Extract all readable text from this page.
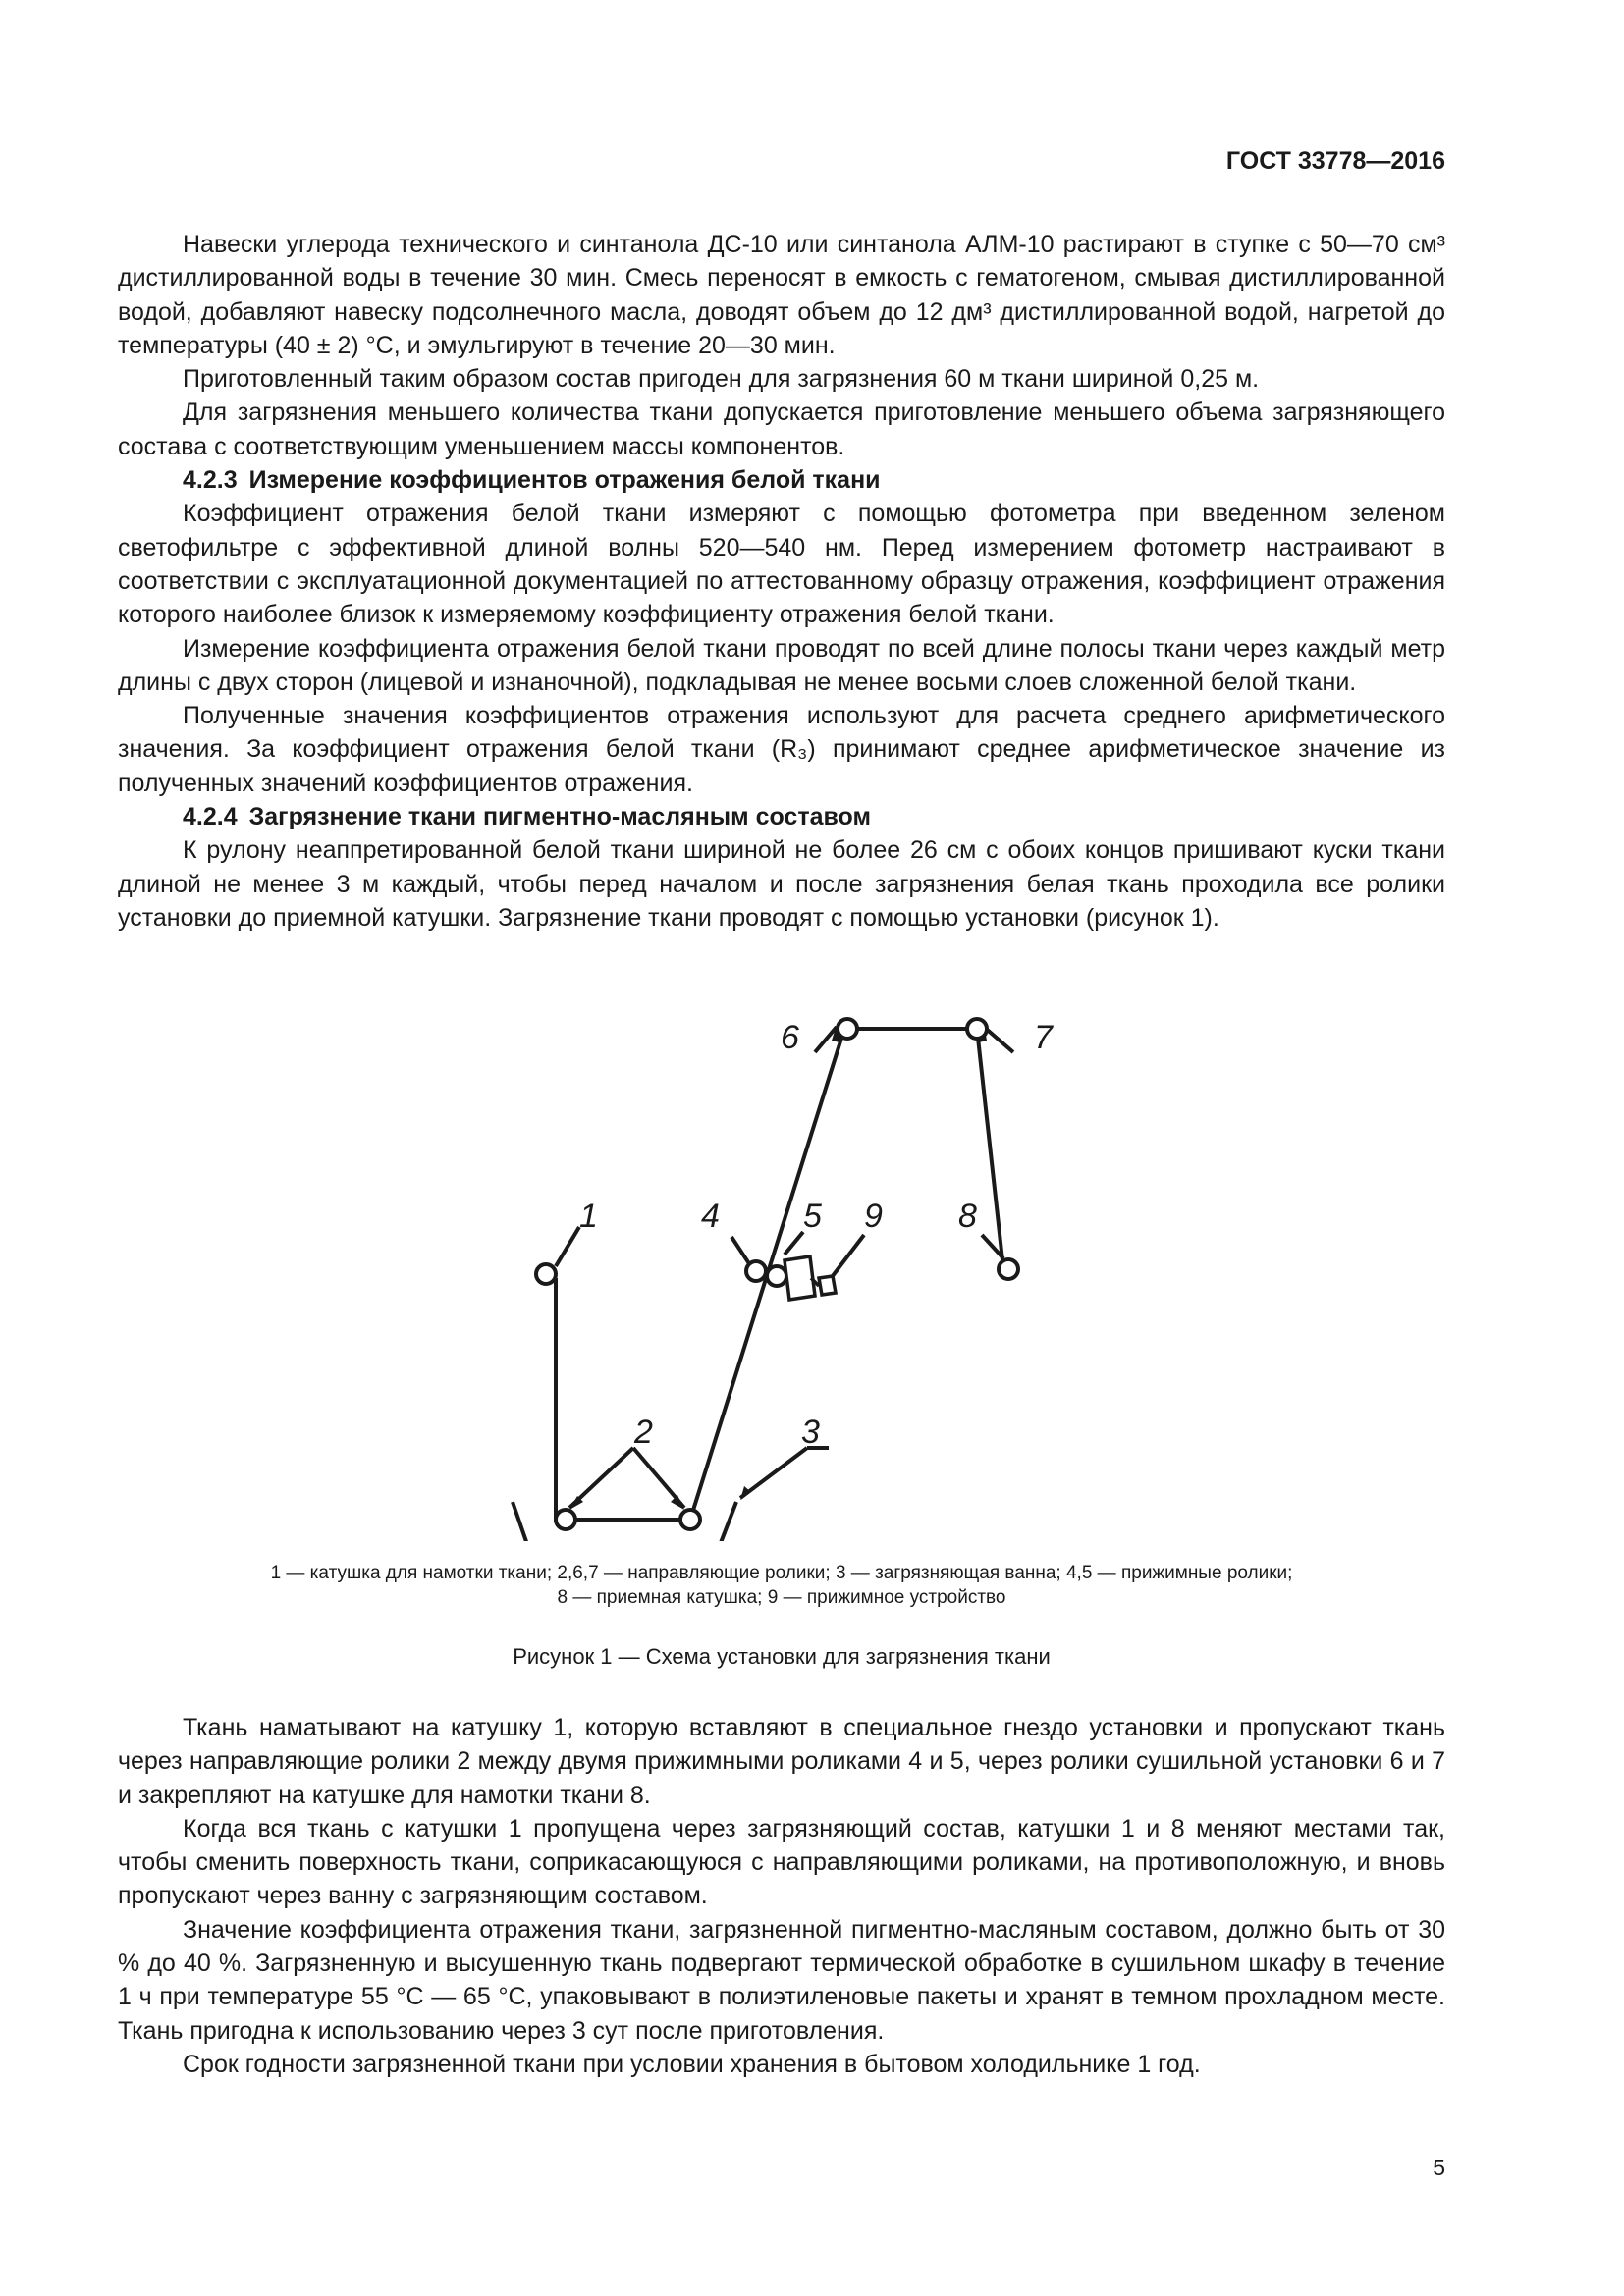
ГОСТ 33778—2016

Навески углерода технического и синтанола ДС-10 или синтанола АЛМ-10 растирают в ступке с 50—70 см³ дистиллированной воды в течение 30 мин. Смесь переносят в емкость с гематогеном, смывая дистиллированной водой, добавляют навеску подсолнечного масла, доводят объем до 12 дм³ дистиллированной водой, нагретой до температуры (40 ± 2) °С, и эмульгируют в течение 20—30 мин.

Приготовленный таким образом состав пригоден для загрязнения 60 м ткани шириной 0,25 м.

Для загрязнения меньшего количества ткани допускается приготовление меньшего объема загрязняющего состава с соответствующим уменьшением массы компонентов.

4.2.3 Измерение коэффициентов отражения белой ткани

Коэффициент отражения белой ткани измеряют с помощью фотометра при введенном зеленом светофильтре с эффективной длиной волны 520—540 нм. Перед измерением фотометр настраивают в соответствии с эксплуатационной документацией по аттестованному образцу отражения, коэффициент отражения которого наиболее близок к измеряемому коэффициенту отражения белой ткани.

Измерение коэффициента отражения белой ткани проводят по всей длине полосы ткани через каждый метр длины с двух сторон (лицевой и изнаночной), подкладывая не менее восьми слоев сложенной белой ткани.

Полученные значения коэффициентов отражения используют для расчета среднего арифметического значения. За коэффициент отражения белой ткани (R₃) принимают среднее арифметическое значение из полученных значений коэффициентов отражения.

4.2.4 Загрязнение ткани пигментно-масляным составом

К рулону неаппретированной белой ткани шириной не более 26 см с обоих концов пришивают куски ткани длиной не менее 3 м каждый, чтобы перед началом и после загрязнения белая ткань проходила все ролики установки до приемной катушки. Загрязнение ткани проводят с помощью установки (рисунок 1).

1
2	3
4	5
6	7
8
9
1 — катушка для намотки ткани; 2,6,7 — направляющие ролики; 3 — загрязняющая ванна; 4,5 — прижимные ролики;
8 — приемная катушка; 9 — прижимное устройство
Рисунок 1 — Схема установки для загрязнения ткани

Ткань наматывают на катушку 1, которую вставляют в специальное гнездо установки и пропускают ткань через направляющие ролики 2 между двумя прижимными роликами 4 и 5, через ролики сушильной установки 6 и 7 и закрепляют на катушке для намотки ткани 8.

Когда вся ткань с катушки 1 пропущена через загрязняющий состав, катушки 1 и 8 меняют местами так, чтобы сменить поверхность ткани, соприкасающуюся с направляющими роликами, на противоположную, и вновь пропускают через ванну с загрязняющим составом.

Значение коэффициента отражения ткани, загрязненной пигментно-масляным составом, должно быть от 30 % до 40 %. Загрязненную и высушенную ткань подвергают термической обработке в сушильном шкафу в течение 1 ч при температуре 55 °С — 65 °С, упаковывают в полиэтиленовые пакеты и хранят в темном прохладном месте. Ткань пригодна к использованию через 3 сут после приготовления.

Срок годности загрязненной ткани при условии хранения в бытовом холодильнике 1 год.

5
